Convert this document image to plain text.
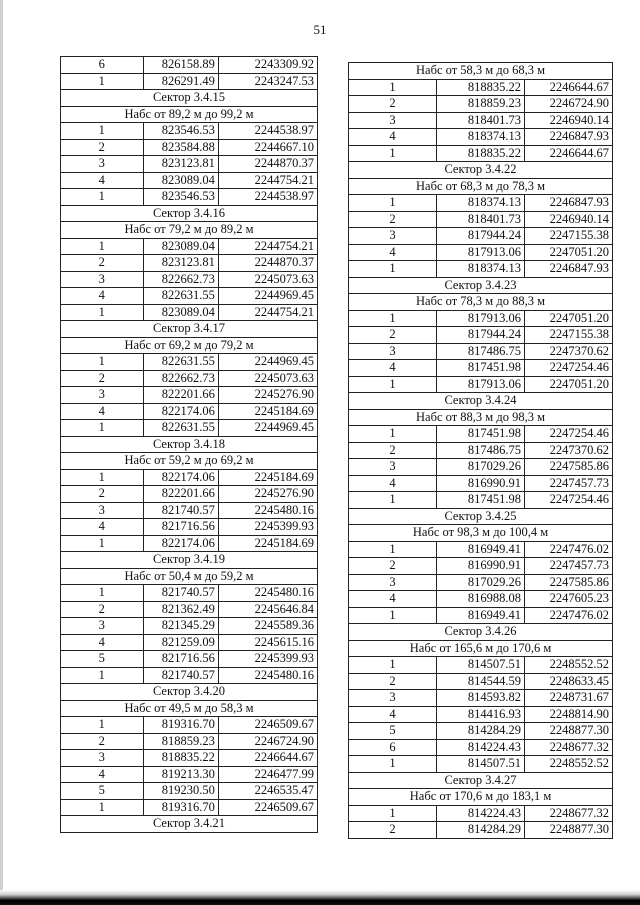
51
6	826158.89	2243309.92
1	826291.49	2243247.53
Сектор 3.4.15		
Набс от 89,2 м до 99,2 м		
1	823546.53	2244538.97
2	823584.88	2244667.10
3	823123.81	2244870.37
4	823089.04	2244754.21
1	823546.53	2244538.97
Сектор 3.4.16		
Набс от 79,2 м до 89,2 м		
1	823089.04	2244754.21
2	823123.81	2244870.37
3	822662.73	2245073.63
4	822631.55	2244969.45
1	823089.04	2244754.21
Сектор 3.4.17		
Набс от 69,2 м до 79,2 м		
1	822631.55	2244969.45
2	822662.73	2245073.63
3	822201.66	2245276.90
4	822174.06	2245184.69
1	822631.55	2244969.45
Сектор 3.4.18		
Набс от 59,2 м до 69,2 м		
1	822174.06	2245184.69
2	822201.66	2245276.90
3	821740.57	2245480.16
4	821716.56	2245399.93
1	822174.06	2245184.69
Сектор 3.4.19		
Набс от 50,4 м до 59,2 м		
1	821740.57	2245480.16
2	821362.49	2245646.84
3	821345.29	2245589.36
4	821259.09	2245615.16
5	821716.56	2245399.93
1	821740.57	2245480.16
Сектор 3.4.20		
Набс от 49,5 м до 58,3 м		
1	819316.70	2246509.67
2	818859.23	2246724.90
3	818835.22	2246644.67
4	819213.30	2246477.99
5	819230.50	2246535.47
1	819316.70	2246509.67
Сектор 3.4.21		
Набс от 58,3 м до 68,3 м		
1	818835.22	2246644.67
2	818859.23	2246724.90
3	818401.73	2246940.14
4	818374.13	2246847.93
1	818835.22	2246644.67
Сектор 3.4.22		
Набс от 68,3 м до 78,3 м		
1	818374.13	2246847.93
2	818401.73	2246940.14
3	817944.24	2247155.38
4	817913.06	2247051.20
1	818374.13	2246847.93
Сектор 3.4.23		
Набс от 78,3 м до 88,3 м		
1	817913.06	2247051.20
2	817944.24	2247155.38
3	817486.75	2247370.62
4	817451.98	2247254.46
1	817913.06	2247051.20
Сектор 3.4.24		
Набс от 88,3 м до 98,3 м		
1	817451.98	2247254.46
2	817486.75	2247370.62
3	817029.26	2247585.86
4	816990.91	2247457.73
1	817451.98	2247254.46
Сектор 3.4.25		
Набс от 98,3 м до 100,4 м		
1	816949.41	2247476.02
2	816990.91	2247457.73
3	817029.26	2247585.86
4	816988.08	2247605.23
1	816949.41	2247476.02
Сектор 3.4.26		
Набс от 165,6 м до 170,6 м		
1	814507.51	2248552.52
2	814544.59	2248633.45
3	814593.82	2248731.67
4	814416.93	2248814.90
5	814284.29	2248877.30
6	814224.43	2248677.32
1	814507.51	2248552.52
Сектор 3.4.27		
Набс от 170,6 м до 183,1 м		
1	814224.43	2248677.32
2	814284.29	2248877.30
